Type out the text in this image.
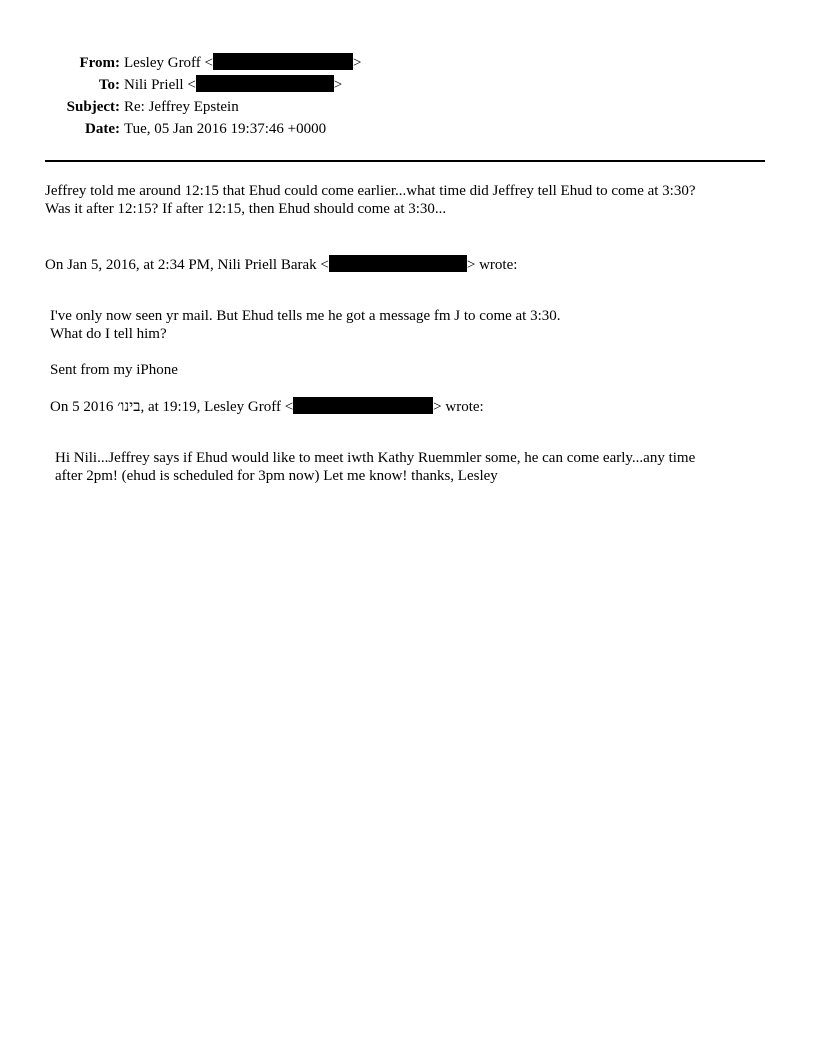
From: Lesley Groff <	>
To: Nili Priell <	>
Subject: Re: Jeffrey Epstein
Date: Tue, 05 Jan 2016 19:37:46 +0000
Jeffrey told me around 12:15 that Ehud could come earlier...what time did Jeffrey tell Ehud to come at 3:30?
Was it after 12:15? If after 12:15, then Ehud should come at 3:30...
On Jan 5, 2016, at 2:34 PM, Nili Priell Barak <	> wrote:
I've only now seen yr mail. But Ehud tells me he got a message fm J to come at 3:30.
What do I tell him?
Sent from my iPhone
On 5 2016 בינו׳, at 19:19, Lesley Groff <	> wrote:
Hi Nili...Jeffrey says if Ehud would like to meet iwth Kathy Ruemmler some, he can come early...any time
after 2pm! (ehud is scheduled for 3pm now) Let me know! thanks, Lesley
